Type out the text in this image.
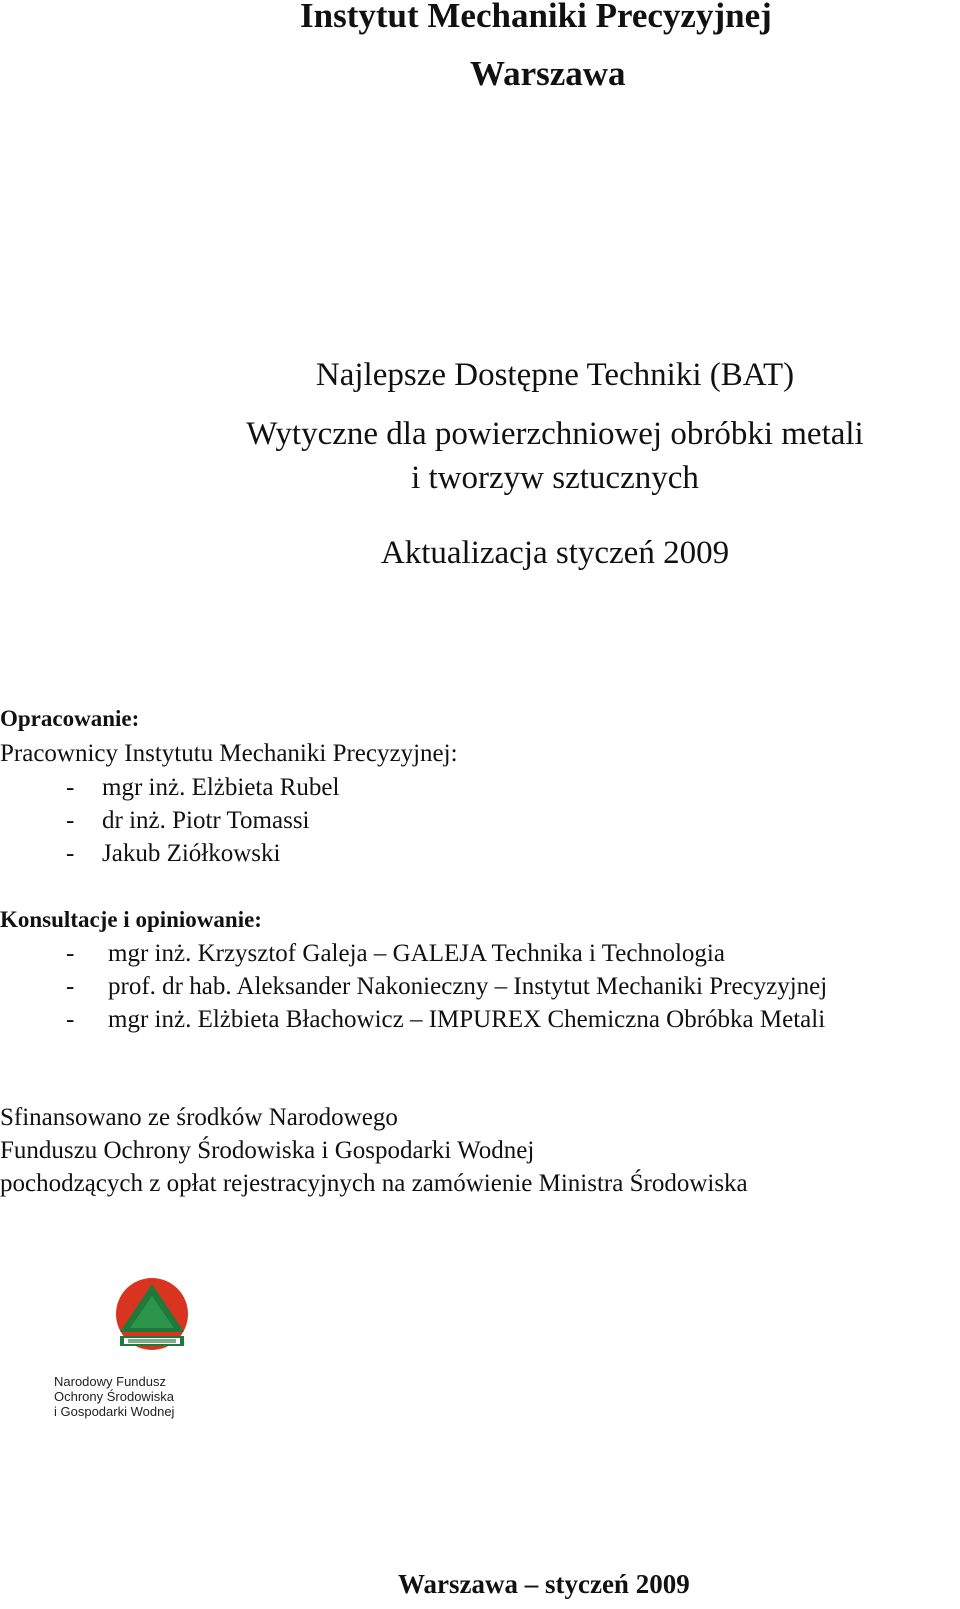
Instytut Mechaniki Precyzyjnej
Warszawa
Najlepsze Dostępne Techniki (BAT)
Wytyczne dla powierzchniowej obróbki metali
i tworzyw sztucznych
Aktualizacja styczeń 2009
Opracowanie:
Pracownicy Instytutu Mechaniki Precyzyjnej:
- mgr inż. Elżbieta Rubel
- dr inż. Piotr Tomassi
- Jakub Ziółkowski
Konsultacje i opiniowanie:
- mgr inż. Krzysztof Galeja – GALEJA Technika i Technologia
- prof. dr hab. Aleksander Nakonieczny – Instytut Mechaniki Precyzyjnej
- mgr inż. Elżbieta Błachowicz – IMPUREX Chemiczna Obróbka Metali
Sfinansowano ze środków Narodowego
Funduszu Ochrony Środowiska i Gospodarki Wodnej
pochodzących z opłat rejestracyjnych na zamówienie Ministra Środowiska
Narodowy Fundusz
Ochrony Środowiska
i Gospodarki Wodnej
Warszawa – styczeń 2009
